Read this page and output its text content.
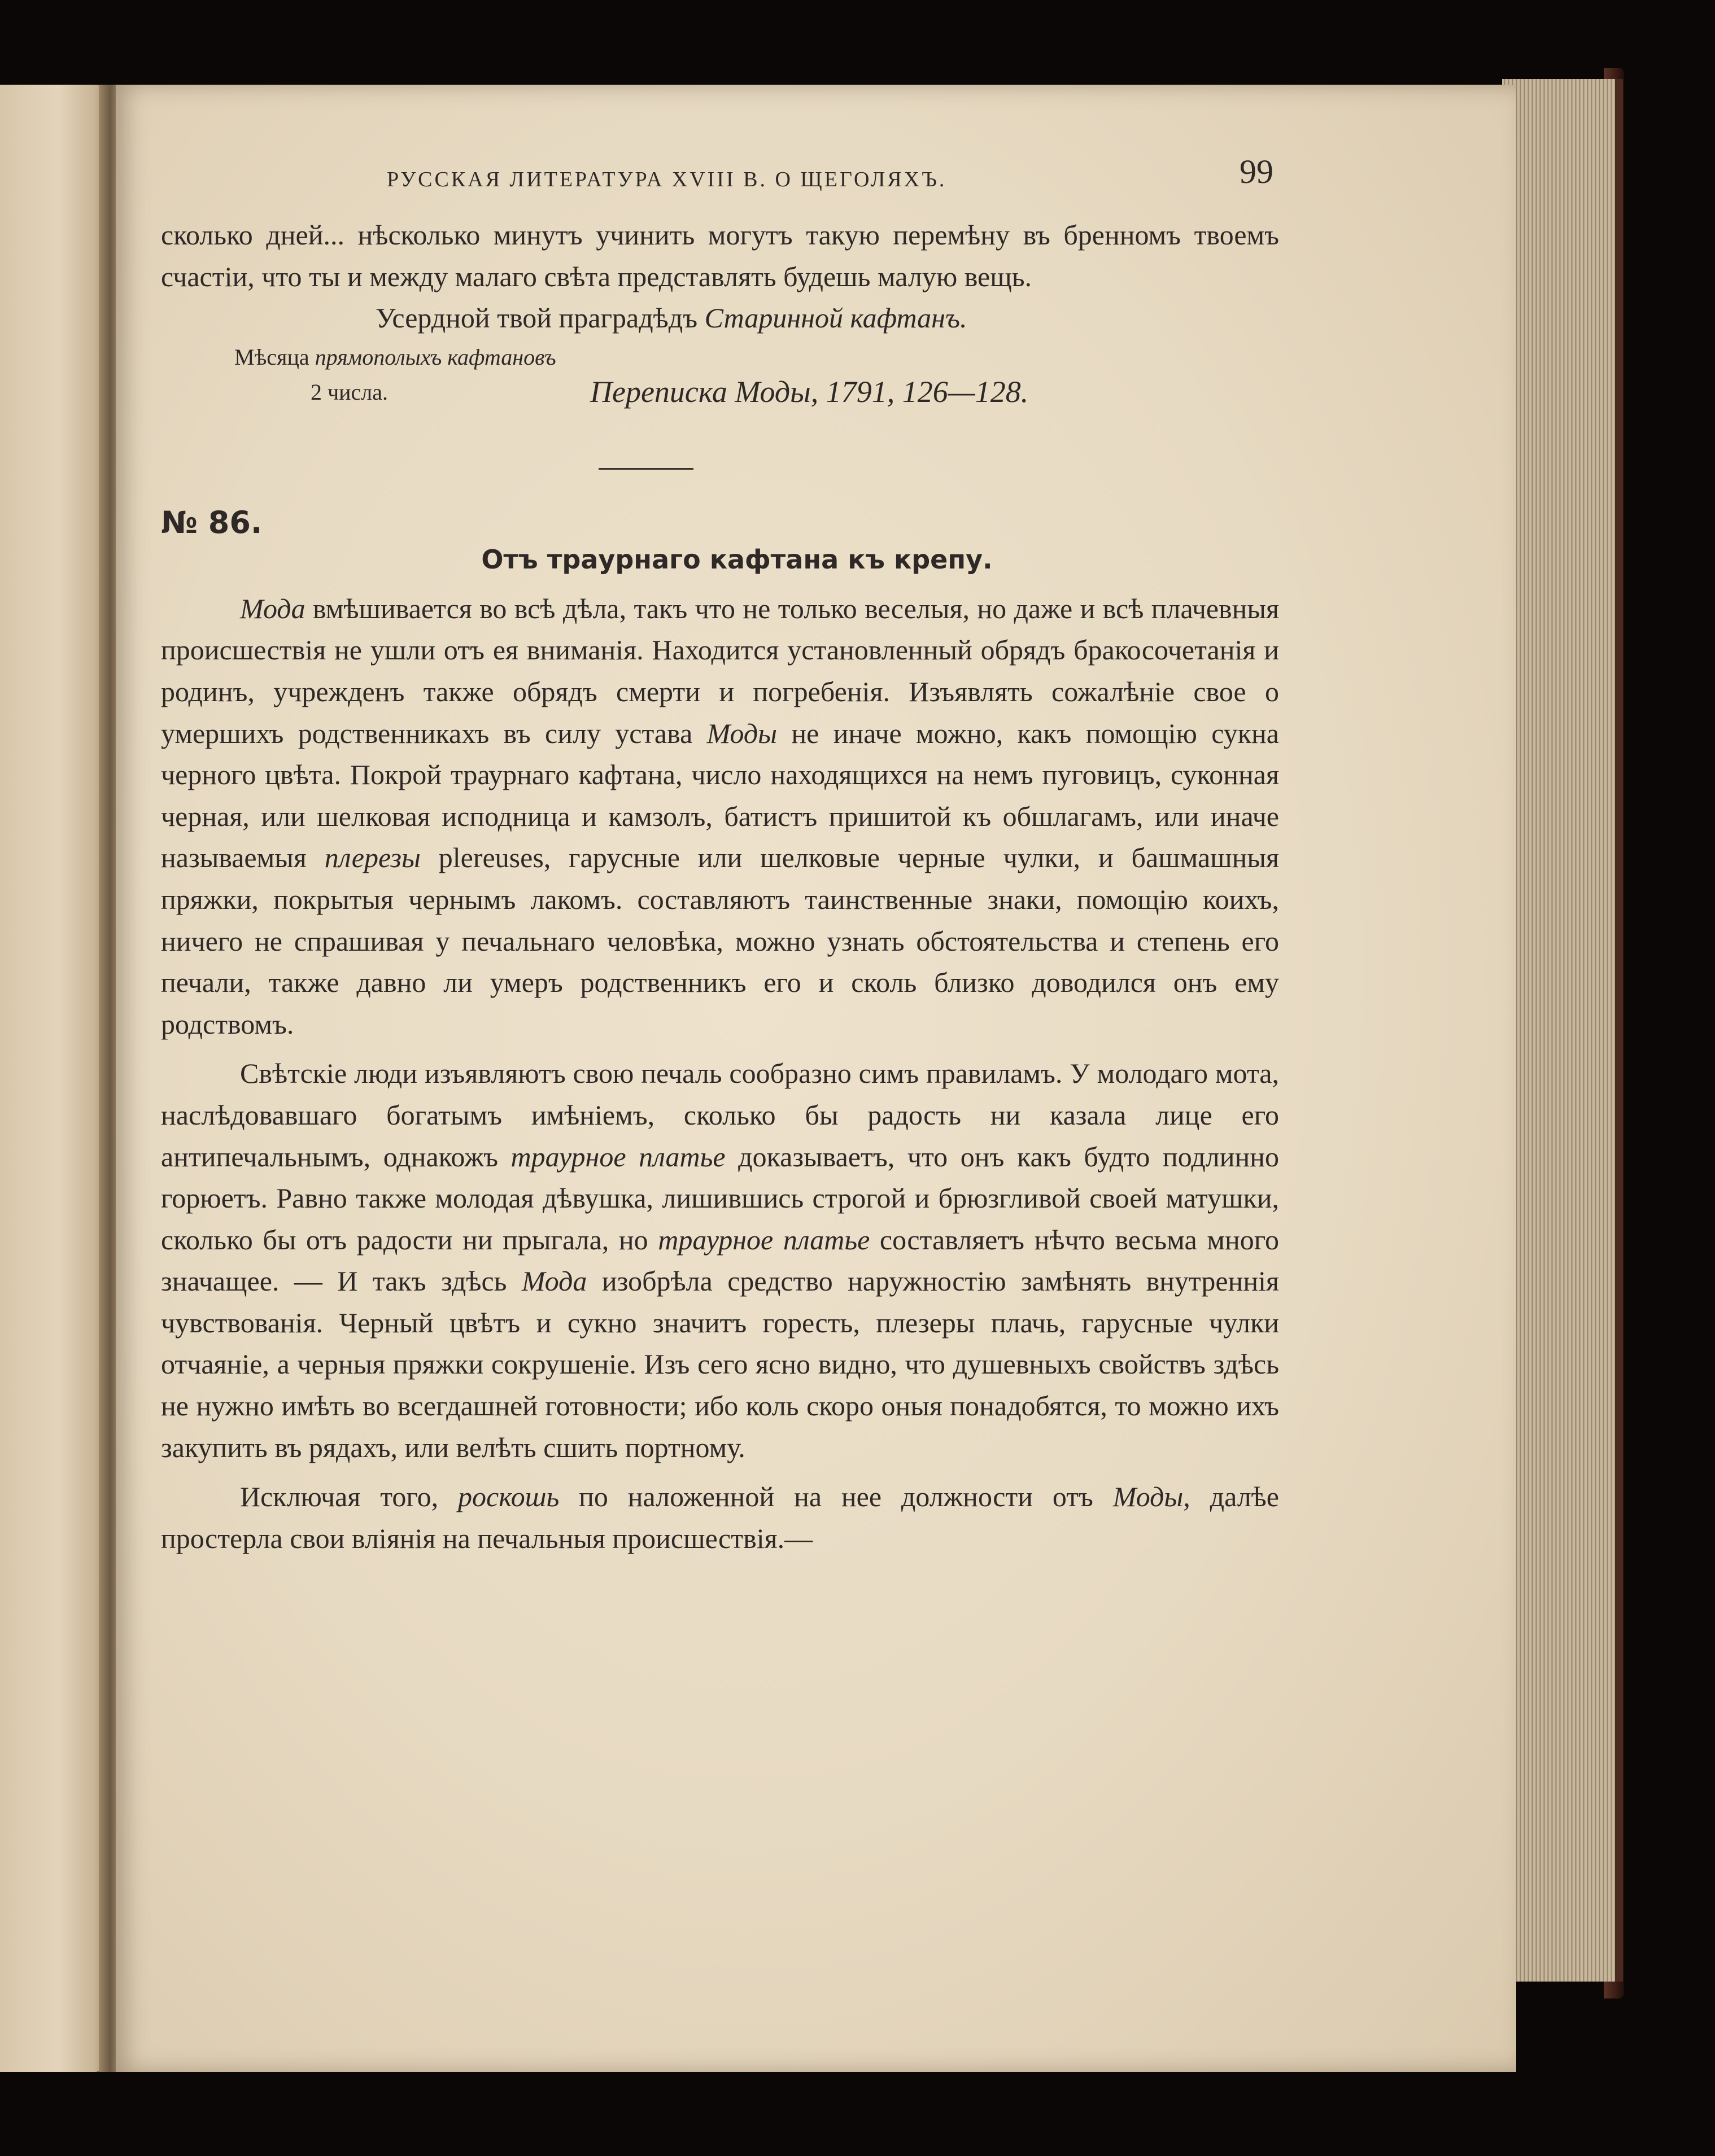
РУССКАЯ ЛИТЕРАТУРА XVIII В. О ЩЕГОЛЯХЪ.	99

сколько дней... нѣсколько минутъ учинить могутъ такую перемѣну въ бренномъ твоемъ счастіи, что ты и между малаго свѣта представлять будешь малую вещь.

Усердной твой праградѣдъ Старинной кафтанъ.

Мѣсяца прямополыхъ кафтановъ
2 числа.	Переписка Моды, 1791, 126—128.
№ 86.
Отъ траурнаго кафтана къ крепу.

Мода вмѣшивается во всѣ дѣла, такъ что не только веселыя, но даже и всѣ плачевныя происшествія не ушли отъ ея вниманія. Находится установленный обрядъ бракосочетанія и родинъ, учрежденъ также обрядъ смерти и погребенія. Изъявлять сожалѣніе свое о умершихъ родственникахъ въ силу устава Моды не иначе можно, какъ помощію сукна черного цвѣта. Покрой траурнаго кафтана, число находящихся на немъ пуговицъ, суконная черная, или шелковая исподница и камзолъ, батистъ пришитой къ обшлагамъ, или иначе называемыя плерезы plereuses, гарусные или шелковые черные чулки, и башмашныя пряжки, покрытыя чернымъ лакомъ. составляютъ таинственные знаки, помощію коихъ, ничего не спрашивая у печальнаго человѣка, можно узнать обстоятельства и степень его печали, также давно ли умеръ родственникъ его и сколь близко доводился онъ ему родствомъ.

Свѣтскіе люди изъявляютъ свою печаль сообразно симъ правиламъ. У молодаго мота, наслѣдовавшаго богатымъ имѣніемъ, сколько бы радость ни казала лице его антипечальнымъ, однакожъ траурное платье доказываетъ, что онъ какъ будто подлинно горюетъ. Равно также молодая дѣвушка, лишившись строгой и брюзгливой своей матушки, сколько бы отъ радости ни прыгала, но траурное платье составляетъ нѣчто весьма много значащее. — И такъ здѣсь Мода изобрѣла средство наружностію замѣнять внутреннія чувствованія. Черный цвѣтъ и сукно значитъ горесть, плезеры плачь, гарусные чулки отчаяніе, а черныя пряжки сокрушеніе. Изъ сего ясно видно, что душевныхъ свойствъ здѣсь не нужно имѣть во всегдашней готовности; ибо коль скоро оныя понадобятся, то можно ихъ закупить въ рядахъ, или велѣть сшить портному.

Исключая того, роскошь по наложенной на нее должности отъ Моды, далѣе простерла свои вліянія на печальныя происшествія.—
